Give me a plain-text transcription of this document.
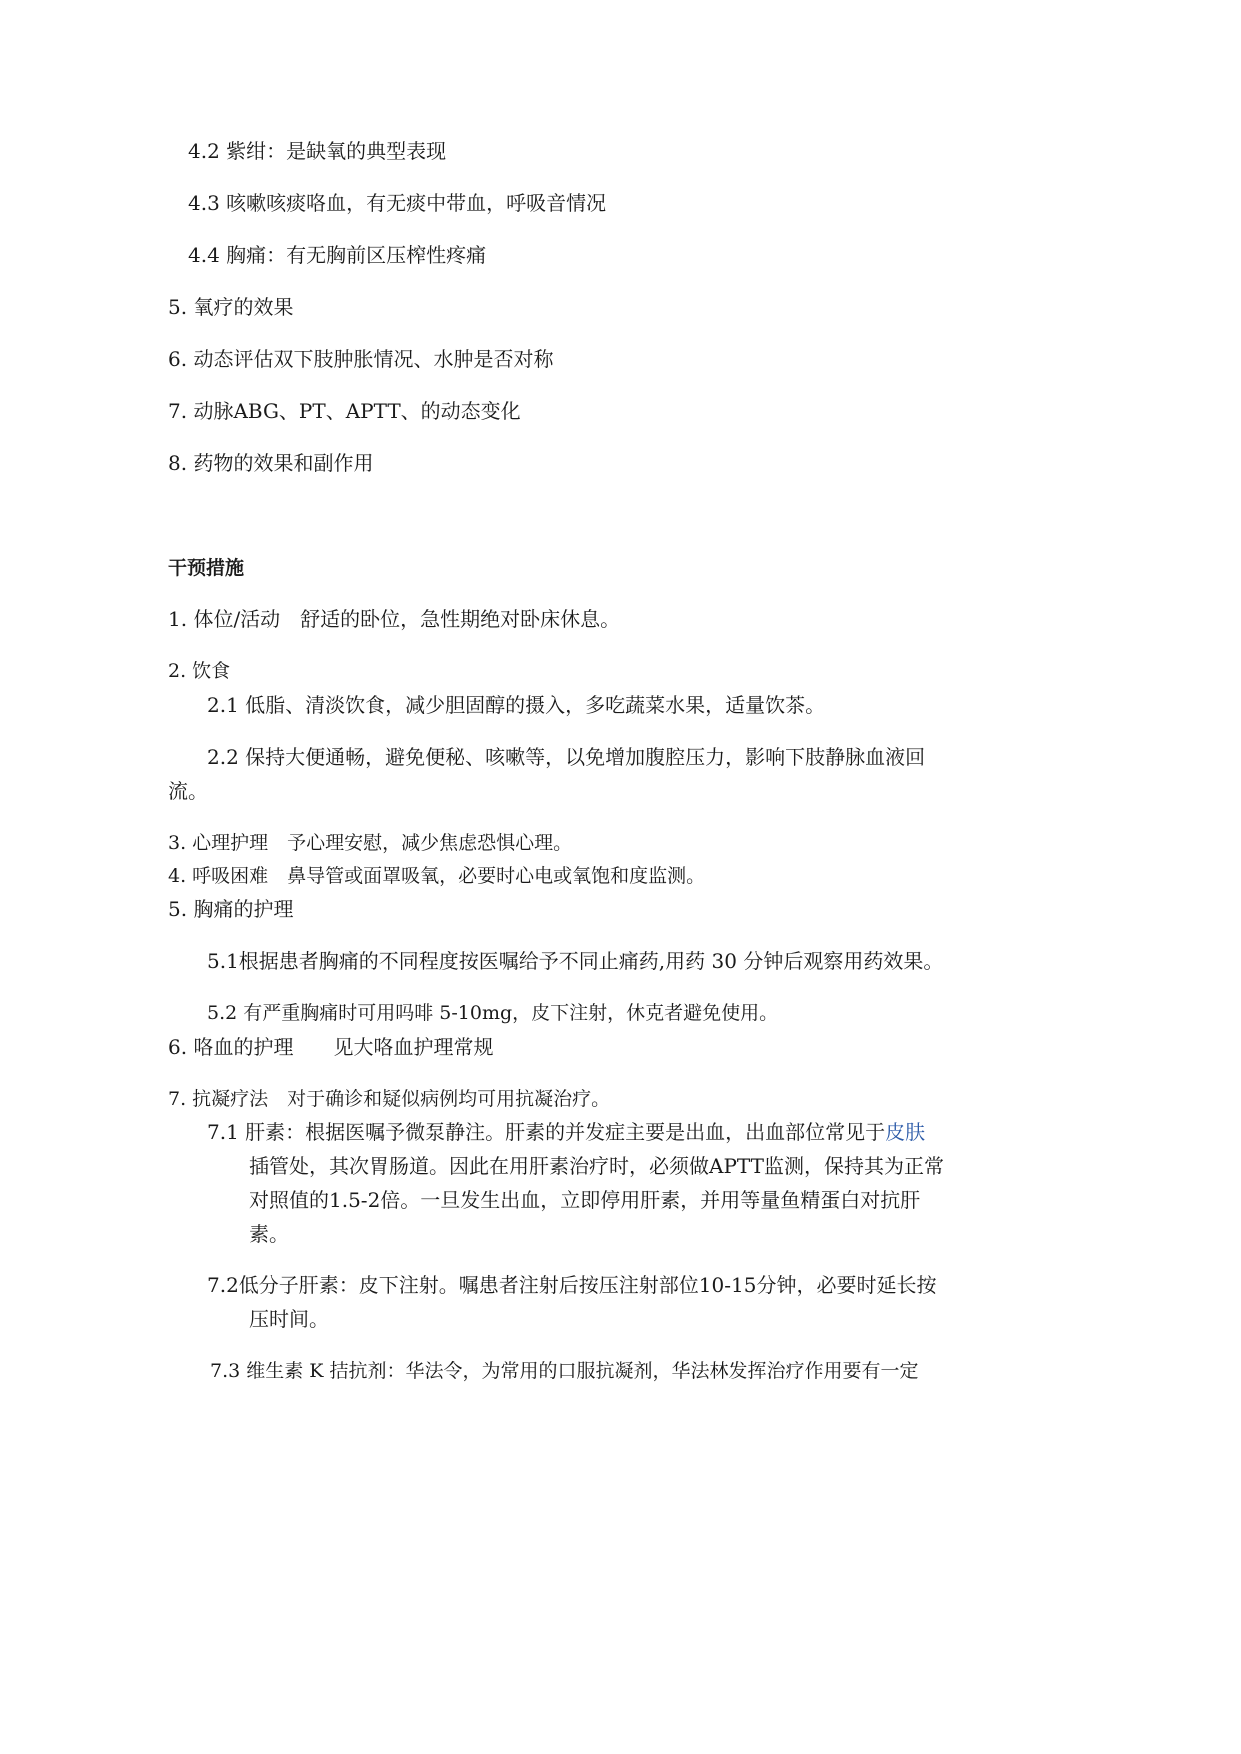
4.2 紫绀：是缺氧的典型表现
4.3 咳嗽咳痰咯血，有无痰中带血，呼吸音情况
4.4 胸痛：有无胸前区压榨性疼痛
5. 氧疗的效果
6. 动态评估双下肢肿胀情况、水肿是否对称
7. 动脉ABG、PT、APTT、的动态变化
8. 药物的效果和副作用
干预措施
1. 体位/活动　舒适的卧位，急性期绝对卧床休息。
2. 饮食
2.1 低脂、清淡饮食，减少胆固醇的摄入，多吃蔬菜水果，适量饮茶。
2.2 保持大便通畅，避免便秘、咳嗽等，以免增加腹腔压力，影响下肢静脉血液回
流。
3. 心理护理　予心理安慰，减少焦虑恐惧心理。
4. 呼吸困难　鼻导管或面罩吸氧，必要时心电或氧饱和度监测。
5. 胸痛的护理
5.1根据患者胸痛的不同程度按医嘱给予不同止痛药,用药 30 分钟后观察用药效果。
5.2 有严重胸痛时可用吗啡 5-10mg，皮下注射，休克者避免使用。
6. 咯血的护理　　见大咯血护理常规
7. 抗凝疗法　对于确诊和疑似病例均可用抗凝治疗。
7.1 肝素：根据医嘱予微泵静注。肝素的并发症主要是出血，出血部位常见于皮肤
插管处，其次胃肠道。因此在用肝素治疗时，必须做APTT监测，保持其为正常
对照值的1.5-2倍。一旦发生出血，立即停用肝素，并用等量鱼精蛋白对抗肝
素。
7.2低分子肝素：皮下注射。嘱患者注射后按压注射部位10-15分钟，必要时延长按
压时间。
7.3 维生素 K 拮抗剂：华法令，为常用的口服抗凝剂，华法林发挥治疗作用要有一定
